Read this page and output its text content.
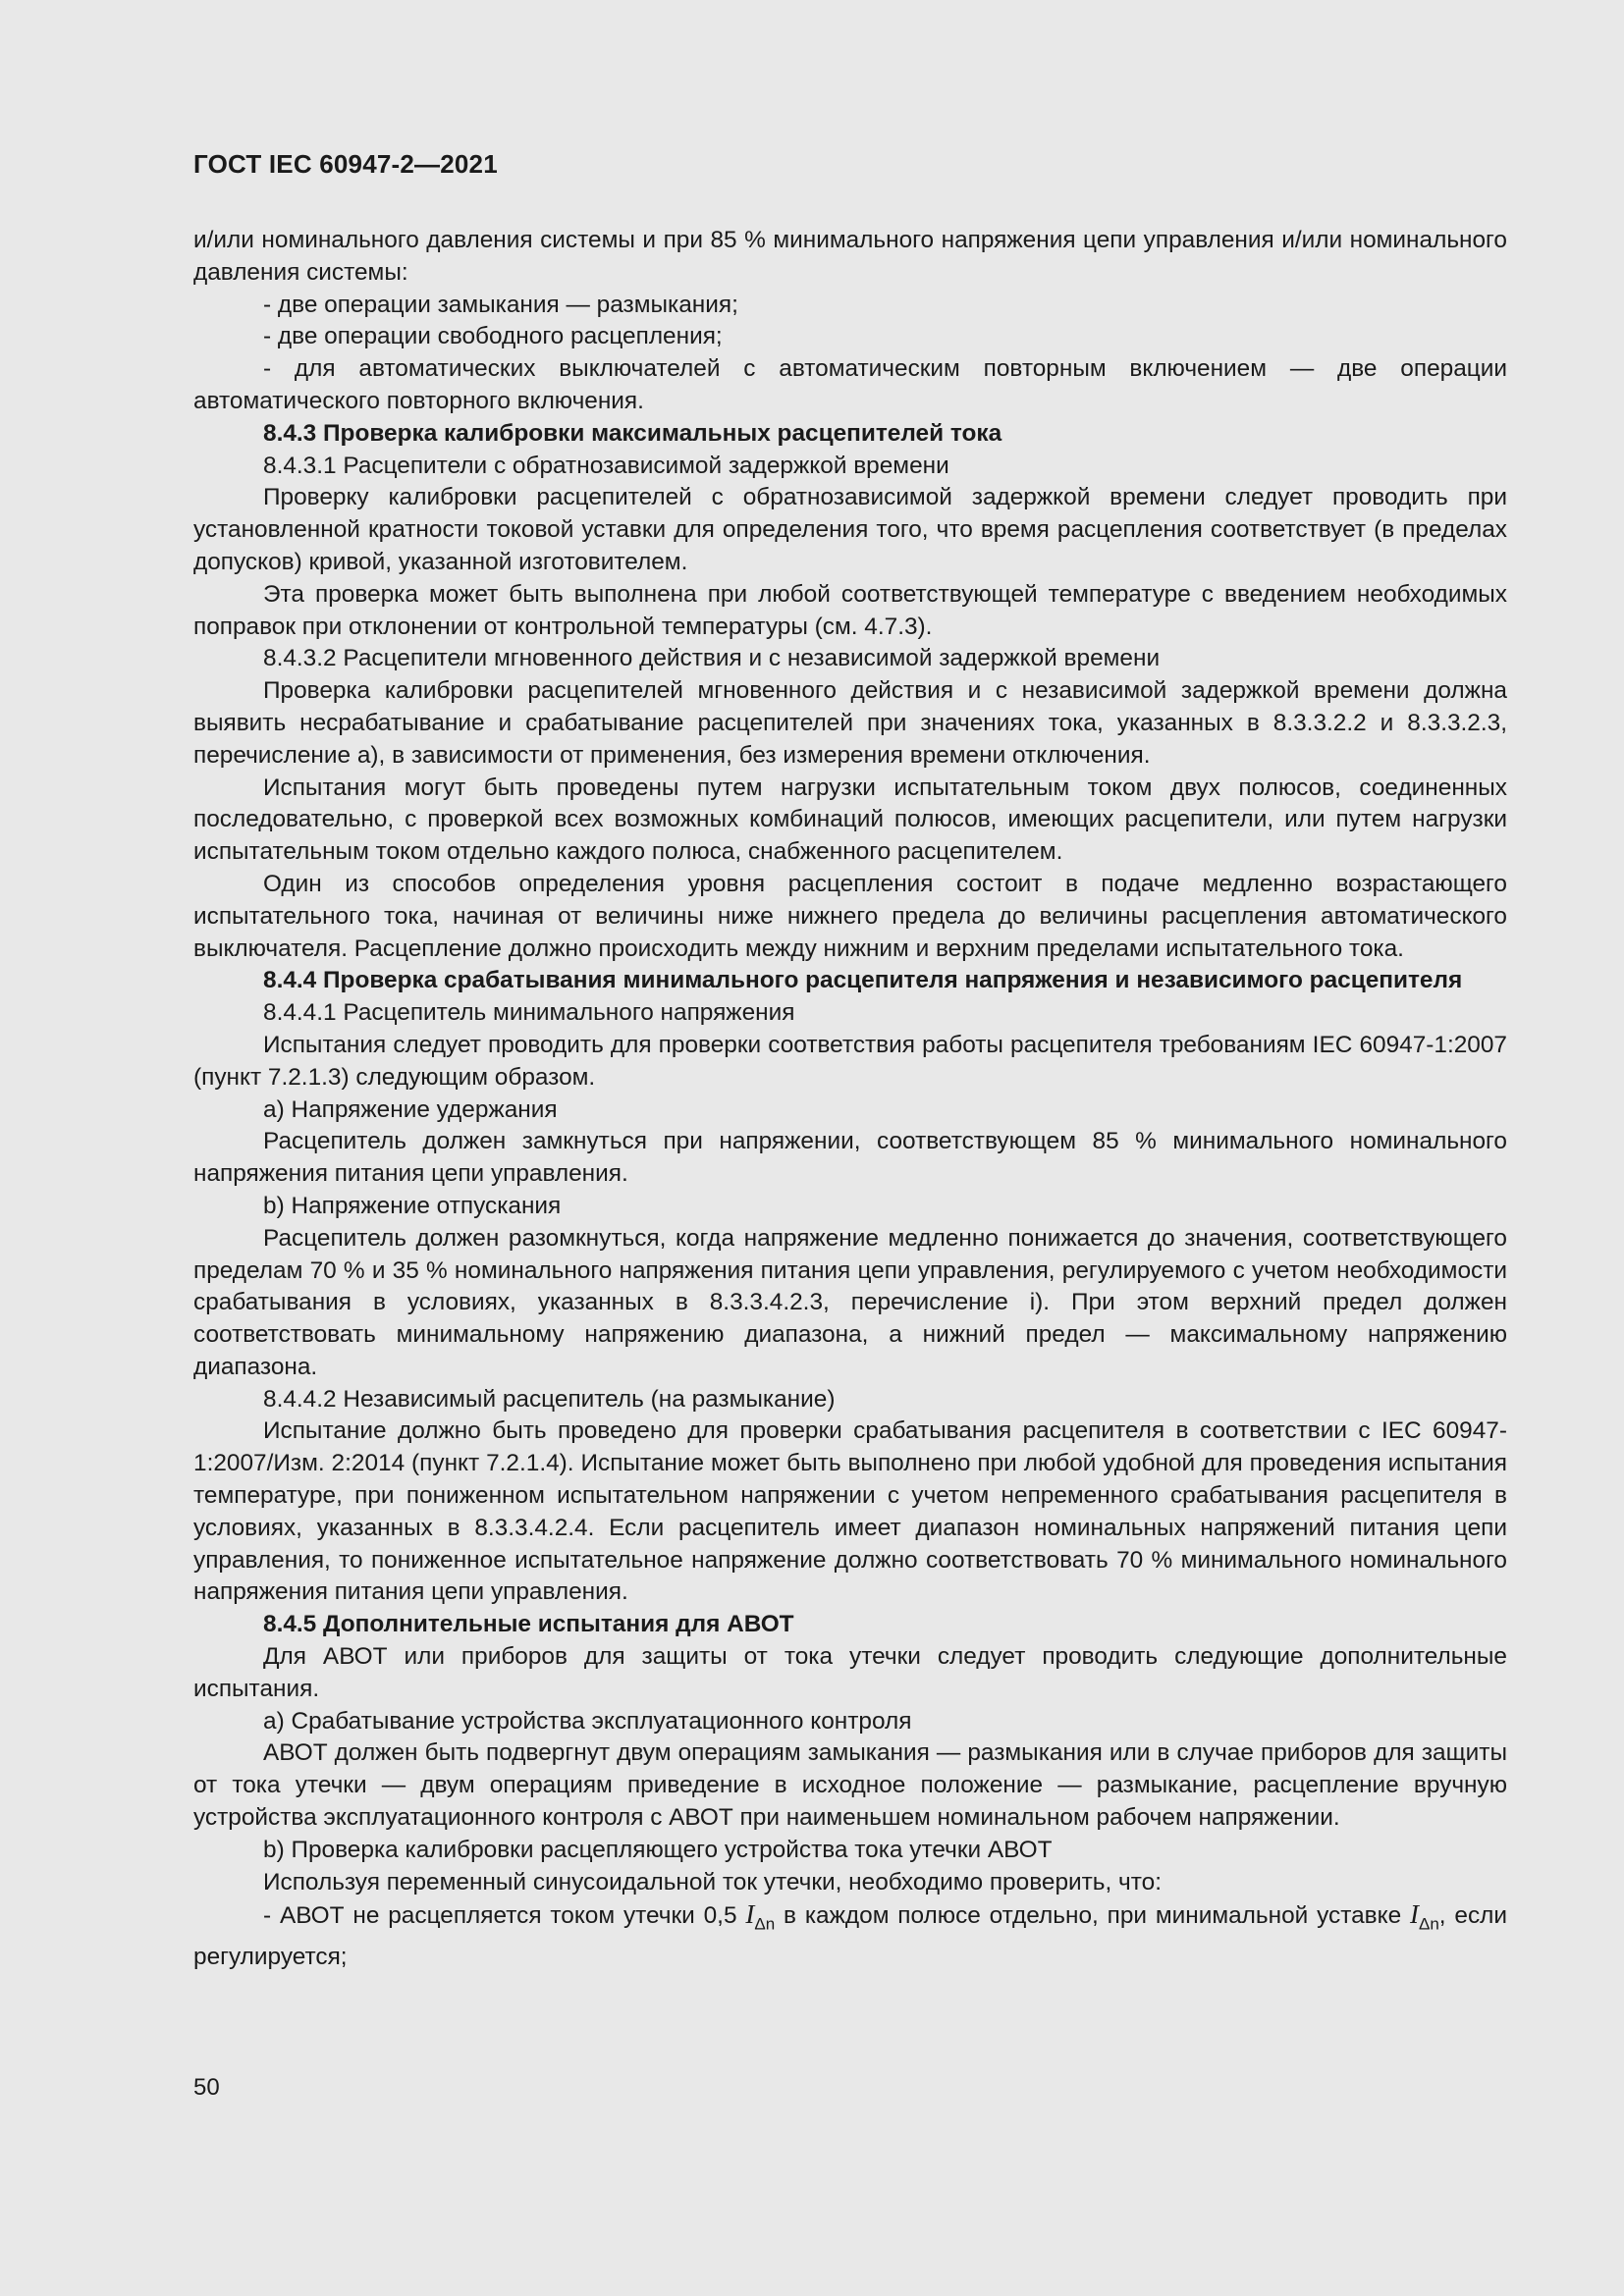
ГОСТ IEC 60947-2—2021

и/или номинального давления системы и при 85 % минимального напряжения цепи управления и/или номинального давления системы:

- две операции замыкания — размыкания;

- две операции свободного расцепления;

- для автоматических выключателей с автоматическим повторным включением — две операции автоматического повторного включения.

8.4.3 Проверка калибровки максимальных расцепителей тока

8.4.3.1 Расцепители с обратнозависимой задержкой времени

Проверку калибровки расцепителей с обратнозависимой задержкой времени следует проводить при установленной кратности токовой уставки для определения того, что время расцепления соответствует (в пределах допусков) кривой, указанной изготовителем.

Эта проверка может быть выполнена при любой соответствующей температуре с введением необходимых поправок при отклонении от контрольной температуры (см. 4.7.3).

8.4.3.2 Расцепители мгновенного действия и с независимой задержкой времени

Проверка калибровки расцепителей мгновенного действия и с независимой задержкой времени должна выявить несрабатывание и срабатывание расцепителей при значениях тока, указанных в 8.3.3.2.2 и 8.3.3.2.3, перечисление а), в зависимости от применения, без измерения времени отключения.

Испытания могут быть проведены путем нагрузки испытательным током двух полюсов, соединенных последовательно, с проверкой всех возможных комбинаций полюсов, имеющих расцепители, или путем нагрузки испытательным током отдельно каждого полюса, снабженного расцепителем.

Один из способов определения уровня расцепления состоит в подаче медленно возрастающего испытательного тока, начиная от величины ниже нижнего предела до величины расцепления автоматического выключателя. Расцепление должно происходить между нижним и верхним пределами испытательного тока.

8.4.4 Проверка срабатывания минимального расцепителя напряжения и независимого расцепителя

8.4.4.1 Расцепитель минимального напряжения

Испытания следует проводить для проверки соответствия работы расцепителя требованиям IEC 60947-1:2007 (пункт 7.2.1.3) следующим образом.

a) Напряжение удержания

Расцепитель должен замкнуться при напряжении, соответствующем 85 % минимального номинального напряжения питания цепи управления.

b) Напряжение отпускания

Расцепитель должен разомкнуться, когда напряжение медленно понижается до значения, соответствующего пределам 70 % и 35 % номинального напряжения питания цепи управления, регулируемого с учетом необходимости срабатывания в условиях, указанных в 8.3.3.4.2.3, перечисление i). При этом верхний предел должен соответствовать минимальному напряжению диапазона, а нижний предел — максимальному напряжению диапазона.

8.4.4.2 Независимый расцепитель (на размыкание)

Испытание должно быть проведено для проверки срабатывания расцепителя в соответствии с IEC 60947-1:2007/Изм. 2:2014 (пункт 7.2.1.4). Испытание может быть выполнено при любой удобной для проведения испытания температуре, при пониженном испытательном напряжении с учетом непременного срабатывания расцепителя в условиях, указанных в 8.3.3.4.2.4. Если расцепитель имеет диапазон номинальных напряжений питания цепи управления, то пониженное испытательное напряжение должно соответствовать 70 % минимального номинального напряжения питания цепи управления.

8.4.5 Дополнительные испытания для АВОТ

Для АВОТ или приборов для защиты от тока утечки следует проводить следующие дополнительные испытания.

a) Срабатывание устройства эксплуатационного контроля

АВОТ должен быть подвергнут двум операциям замыкания — размыкания или в случае приборов для защиты от тока утечки — двум операциям приведение в исходное положение — размыкание, расцепление вручную устройства эксплуатационного контроля с АВОТ при наименьшем номинальном рабочем напряжении.

b) Проверка калибровки расцепляющего устройства тока утечки АВОТ

Используя переменный синусоидальной ток утечки, необходимо проверить, что:

- АВОТ не расцепляется током утечки 0,5 $I_{\Delta n}$ в каждом полюсе отдельно, при минимальной уставке $I_{\Delta n}$, если регулируется;

50
